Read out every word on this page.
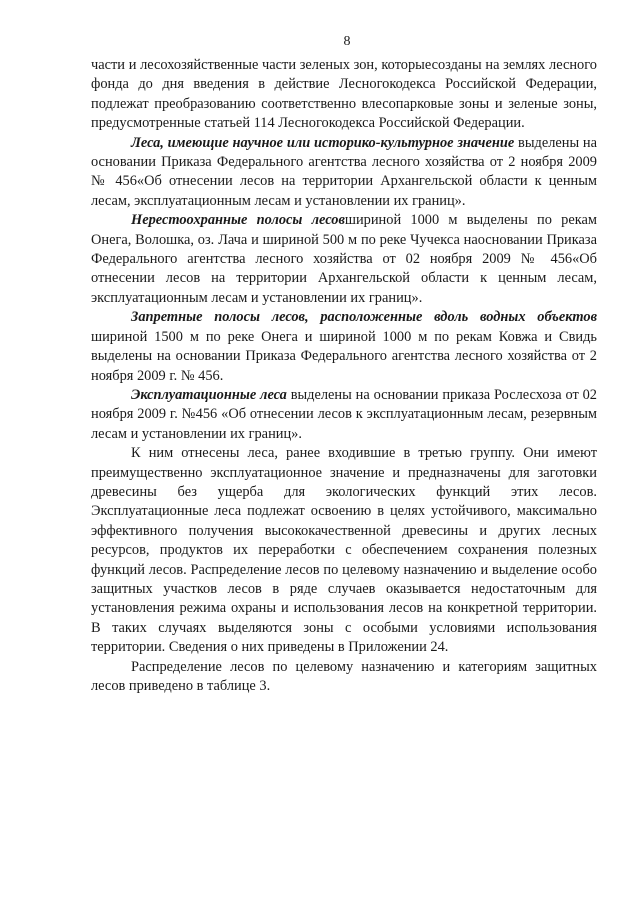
8

части и лесохозяйственные части зеленых зон, которыесозданы на землях лесного фонда до дня введения в действие Лесногокодекса Российской Федерации, подлежат преобразованию соответственно влесопарковые зоны и зеленые зоны, предусмотренные статьей 114 Лесногокодекса Российской Федерации.

Леса, имеющие научное или историко-культурное значение выделены на основании Приказа Федерального агентства лесного хозяйства от 2 ноября 2009 № 456«Об отнесении лесов на территории Архангельской области к ценным лесам, эксплуатационным лесам и установлении их границ».

Нерестоохранные полосы лесовшириной 1000 м выделены по рекам Онега, Волошка, оз. Лача и шириной 500 м по реке Чучекса наосновании Приказа Федерального агентства лесного хозяйства от 02 ноября 2009 № 456«Об отнесении лесов на территории Архангельской области к ценным лесам, эксплуатационным лесам и установлении их границ».

Запретные полосы лесов, расположенные вдоль водных объектов шириной 1500 м по реке Онега и шириной 1000 м по рекам Ковжа и Свидь выделены на основании Приказа Федерального агентства лесного хозяйства от 2 ноября 2009 г. № 456.

Эксплуатационные леса выделены на основании приказа Рослесхоза от 02 ноября 2009 г. №456 «Об отнесении лесов к эксплуатационным лесам, резервным лесам и установлении их границ».

К ним отнесены леса, ранее входившие в третью группу. Они имеют преимущественно эксплуатационное значение и предназначены для заготовки древесины без ущерба для экологических функций этих лесов. Эксплуатационные леса подлежат освоению в целях устойчивого, максимально эффективного получения высококачественной древесины и других лесных ресурсов, продуктов их переработки с обеспечением сохранения полезных функций лесов. Распределение лесов по целевому назначению и выделение особо защитных участков лесов в ряде случаев оказывается недостаточным для установления режима охраны и использования лесов на конкретной территории. В таких случаях выделяются зоны с особыми условиями использования территории. Сведения о них приведены в Приложении 24.

Распределение лесов по целевому назначению и категориям защитных лесов приведено в таблице 3.
